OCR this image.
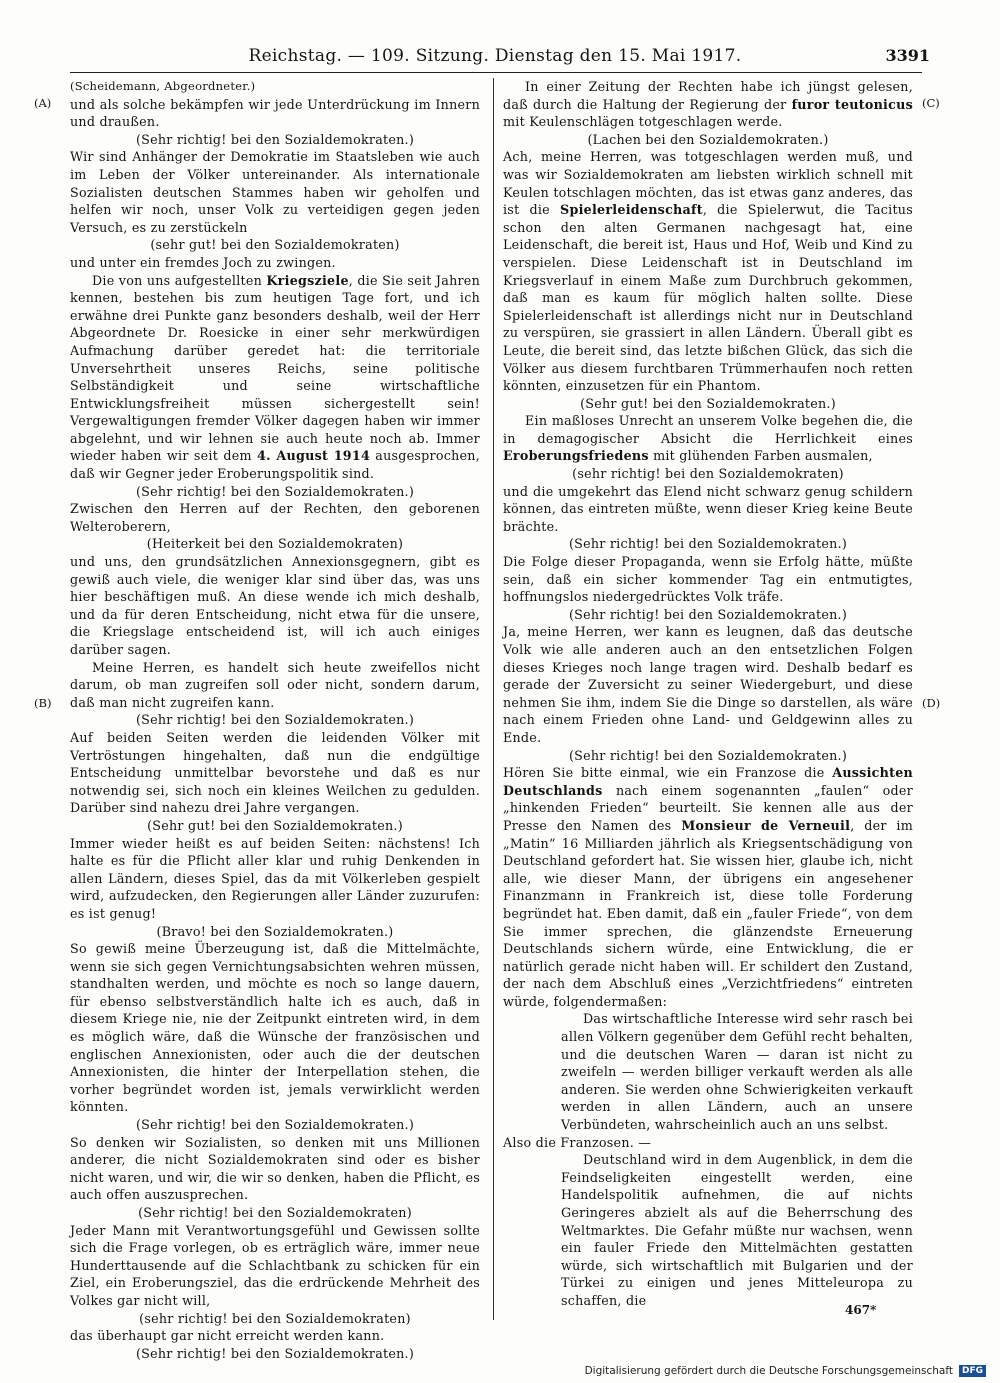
Reichstag. — 109. Sitzung. Dienstag den 15. Mai 1917.	3391
(A)
(B)
(C)
(D)

(Scheidemann, Abgeordneter.)

und als solche bekämpfen wir jede Unterdrückung im Innern und draußen.

(Sehr richtig! bei den Sozialdemokraten.)

Wir sind Anhänger der Demokratie im Staatsleben wie auch im Leben der Völker untereinander. Als internationale Sozialisten deutschen Stammes haben wir geholfen und helfen wir noch, unser Volk zu verteidigen gegen jeden Versuch, es zu zerstückeln

(sehr gut! bei den Sozialdemokraten)

und unter ein fremdes Joch zu zwingen.

Die von uns aufgestellten Kriegsziele, die Sie seit Jahren kennen, bestehen bis zum heutigen Tage fort, und ich erwähne drei Punkte ganz besonders deshalb, weil der Herr Abgeordnete Dr. Roesicke in einer sehr merkwürdigen Aufmachung darüber geredet hat: die territoriale Unversehrtheit unseres Reichs, seine politische Selbständigkeit und seine wirtschaftliche Entwicklungsfreiheit müssen sichergestellt sein! Vergewaltigungen fremder Völker dagegen haben wir immer abgelehnt, und wir lehnen sie auch heute noch ab. Immer wieder haben wir seit dem 4. August 1914 ausgesprochen, daß wir Gegner jeder Eroberungspolitik sind.

(Sehr richtig! bei den Sozialdemokraten.)

Zwischen den Herren auf der Rechten, den geborenen Welteroberern,

(Heiterkeit bei den Sozialdemokraten)

und uns, den grundsätzlichen Annexionsgegnern, gibt es gewiß auch viele, die weniger klar sind über das, was uns hier beschäftigen muß. An diese wende ich mich deshalb, und da für deren Entscheidung, nicht etwa für die unsere, die Kriegslage entscheidend ist, will ich auch einiges darüber sagen.

Meine Herren, es handelt sich heute zweifellos nicht darum, ob man zugreifen soll oder nicht, sondern darum, daß man nicht zugreifen kann.

(Sehr richtig! bei den Sozialdemokraten.)

Auf beiden Seiten werden die leidenden Völker mit Vertröstungen hingehalten, daß nun die endgültige Entscheidung unmittelbar bevorstehe und daß es nur notwendig sei, sich noch ein kleines Weilchen zu gedulden. Darüber sind nahezu drei Jahre vergangen.

(Sehr gut! bei den Sozialdemokraten.)

Immer wieder heißt es auf beiden Seiten: nächstens! Ich halte es für die Pflicht aller klar und ruhig Denkenden in allen Ländern, dieses Spiel, das da mit Völkerleben gespielt wird, aufzudecken, den Regierungen aller Länder zuzurufen: es ist genug!

(Bravo! bei den Sozialdemokraten.)

So gewiß meine Überzeugung ist, daß die Mittelmächte, wenn sie sich gegen Vernichtungsabsichten wehren müssen, standhalten werden, und möchte es noch so lange dauern, für ebenso selbstverständlich halte ich es auch, daß in diesem Kriege nie, nie der Zeitpunkt eintreten wird, in dem es möglich wäre, daß die Wünsche der französischen und englischen Annexionisten, oder auch die der deutschen Annexionisten, die hinter der Interpellation stehen, die vorher begründet worden ist, jemals verwirklicht werden könnten.

(Sehr richtig! bei den Sozialdemokraten.)

So denken wir Sozialisten, so denken mit uns Millionen anderer, die nicht Sozialdemokraten sind oder es bisher nicht waren, und wir, die wir so denken, haben die Pflicht, es auch offen auszusprechen.

(Sehr richtig! bei den Sozialdemokraten)

Jeder Mann mit Verantwortungsgefühl und Gewissen sollte sich die Frage vorlegen, ob es erträglich wäre, immer neue Hunderttausende auf die Schlachtbank zu schicken für ein Ziel, ein Eroberungsziel, das die erdrückende Mehrheit des Volkes gar nicht will,

(sehr richtig! bei den Sozialdemokraten)

das überhaupt gar nicht erreicht werden kann.

(Sehr richtig! bei den Sozialdemokraten.)

In einer Zeitung der Rechten habe ich jüngst gelesen, daß durch die Haltung der Regierung der furor teutonicus mit Keulenschlägen totgeschlagen werde.

(Lachen bei den Sozialdemokraten.)

Ach, meine Herren, was totgeschlagen werden muß, und was wir Sozialdemokraten am liebsten wirklich schnell mit Keulen totschlagen möchten, das ist etwas ganz anderes, das ist die Spielerleidenschaft, die Spielerwut, die Tacitus schon den alten Germanen nachgesagt hat, eine Leidenschaft, die bereit ist, Haus und Hof, Weib und Kind zu verspielen. Diese Leidenschaft ist in Deutschland im Kriegsverlauf in einem Maße zum Durchbruch gekommen, daß man es kaum für möglich halten sollte. Diese Spielerleidenschaft ist allerdings nicht nur in Deutschland zu verspüren, sie grassiert in allen Ländern. Überall gibt es Leute, die bereit sind, das letzte bißchen Glück, das sich die Völker aus diesem furchtbaren Trümmerhaufen noch retten könnten, einzusetzen für ein Phantom.

(Sehr gut! bei den Sozialdemokraten.)

Ein maßloses Unrecht an unserem Volke begehen die, die in demagogischer Absicht die Herrlichkeit eines Eroberungsfriedens mit glühenden Farben ausmalen,

(sehr richtig! bei den Sozialdemokraten)

und die umgekehrt das Elend nicht schwarz genug schildern können, das eintreten müßte, wenn dieser Krieg keine Beute brächte.

(Sehr richtig! bei den Sozialdemokraten.)

Die Folge dieser Propaganda, wenn sie Erfolg hätte, müßte sein, daß ein sicher kommender Tag ein entmutigtes, hoffnungslos niedergedrücktes Volk träfe.

(Sehr richtig! bei den Sozialdemokraten.)

Ja, meine Herren, wer kann es leugnen, daß das deutsche Volk wie alle anderen auch an den entsetzlichen Folgen dieses Krieges noch lange tragen wird. Deshalb bedarf es gerade der Zuversicht zu seiner Wiedergeburt, und diese nehmen Sie ihm, indem Sie die Dinge so darstellen, als wäre nach einem Frieden ohne Land- und Geldgewinn alles zu Ende.

(Sehr richtig! bei den Sozialdemokraten.)

Hören Sie bitte einmal, wie ein Franzose die Aussichten Deutschlands nach einem sogenannten „faulen“ oder „hinkenden Frieden“ beurteilt. Sie kennen alle aus der Presse den Namen des Monsieur de Verneuil, der im „Matin“ 16 Milliarden jährlich als Kriegsentschädigung von Deutschland gefordert hat. Sie wissen hier, glaube ich, nicht alle, wie dieser Mann, der übrigens ein angesehener Finanzmann in Frankreich ist, diese tolle Forderung begründet hat. Eben damit, daß ein „fauler Friede“, von dem Sie immer sprechen, die glänzendste Erneuerung Deutschlands sichern würde, eine Entwicklung, die er natürlich gerade nicht haben will. Er schildert den Zustand, der nach dem Abschluß eines „Verzichtfriedens“ eintreten würde, folgendermaßen:

Das wirtschaftliche Interesse wird sehr rasch bei allen Völkern gegenüber dem Gefühl recht behalten, und die deutschen Waren — daran ist nicht zu zweifeln — werden billiger verkauft werden als alle anderen. Sie werden ohne Schwierigkeiten verkauft werden in allen Ländern, auch an unsere Verbündeten, wahrscheinlich auch an uns selbst.

Also die Franzosen. —

Deutschland wird in dem Augenblick, in dem die Feindseligkeiten eingestellt werden, eine Handelspolitik aufnehmen, die auf nichts Geringeres abzielt als auf die Beherrschung des Weltmarktes. Die Gefahr müßte nur wachsen, wenn ein fauler Friede den Mittelmächten gestatten würde, sich wirtschaftlich mit Bulgarien und der Türkei zu einigen und jenes Mitteleuropa zu schaffen, die

467*
Digitalisierung gefördert durch die Deutsche Forschungsgemeinschaft	DFG
